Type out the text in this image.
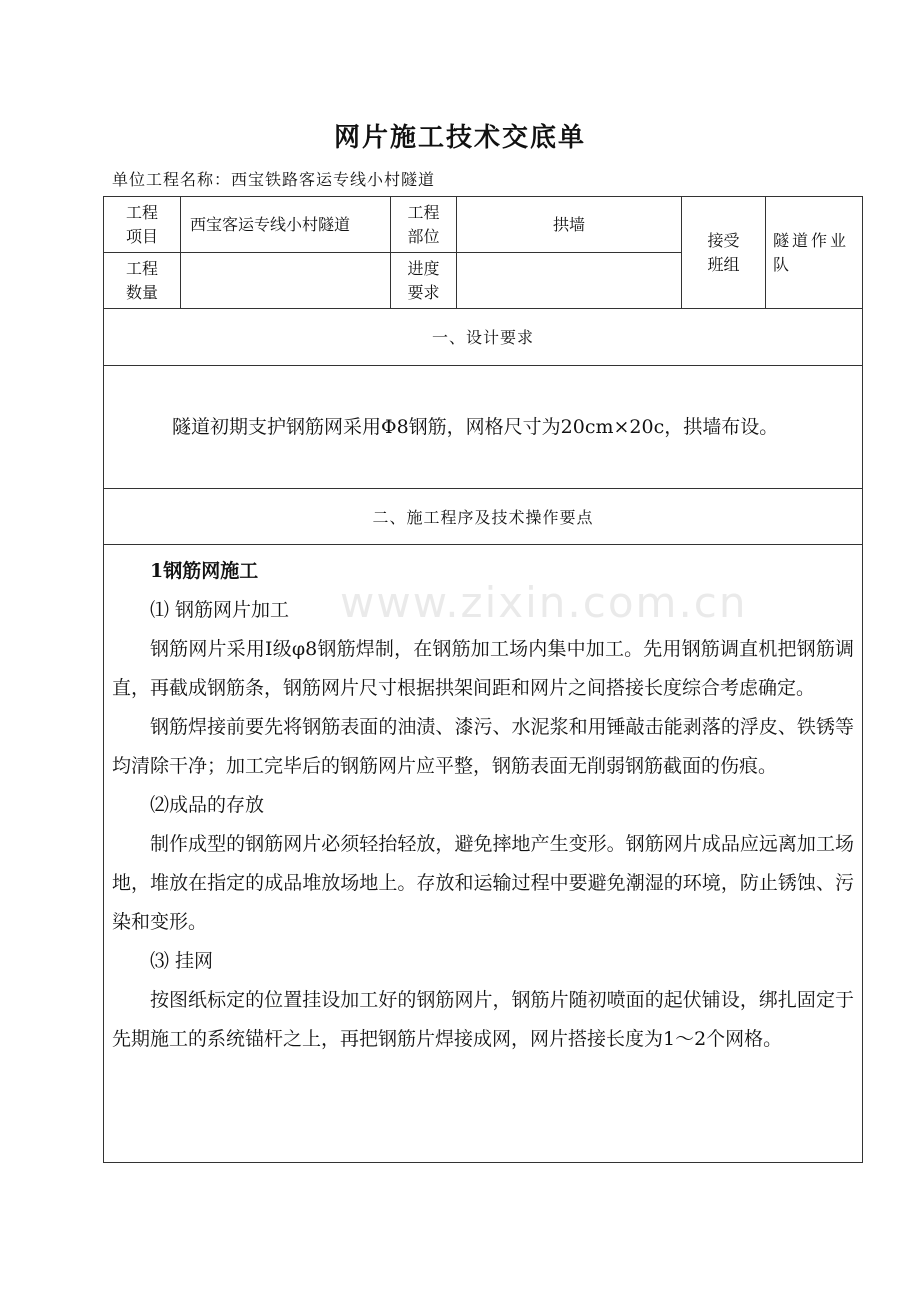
网片施工技术交底单
单位工程名称：西宝铁路客运专线小村隧道
www.zixin.com.cn
工程
项目
西宝客运专线小村隧道
工程
部位
拱墙
接受
班组
隧道作业队
工程
数量
进度
要求
一、设计要求
隧道初期支护钢筋网采用Φ8钢筋，网格尺寸为20cm×20c，拱墙布设。
二、施工程序及技术操作要点

1钢筋网施工

⑴ 钢筋网片加工

钢筋网片采用Ⅰ级φ8钢筋焊制，在钢筋加工场内集中加工。先用钢筋调直机把钢筋调直，再截成钢筋条，钢筋网片尺寸根据拱架间距和网片之间搭接长度综合考虑确定。

钢筋焊接前要先将钢筋表面的油渍、漆污、水泥浆和用锤敲击能剥落的浮皮、铁锈等均清除干净；加工完毕后的钢筋网片应平整，钢筋表面无削弱钢筋截面的伤痕。

⑵成品的存放

制作成型的钢筋网片必须轻抬轻放，避免摔地产生变形。钢筋网片成品应远离加工场地，堆放在指定的成品堆放场地上。存放和运输过程中要避免潮湿的环境，防止锈蚀、污染和变形。

⑶ 挂网

按图纸标定的位置挂设加工好的钢筋网片，钢筋片随初喷面的起伏铺设，绑扎固定于先期施工的系统锚杆之上，再把钢筋片焊接成网，网片搭接长度为1～2个网格。
